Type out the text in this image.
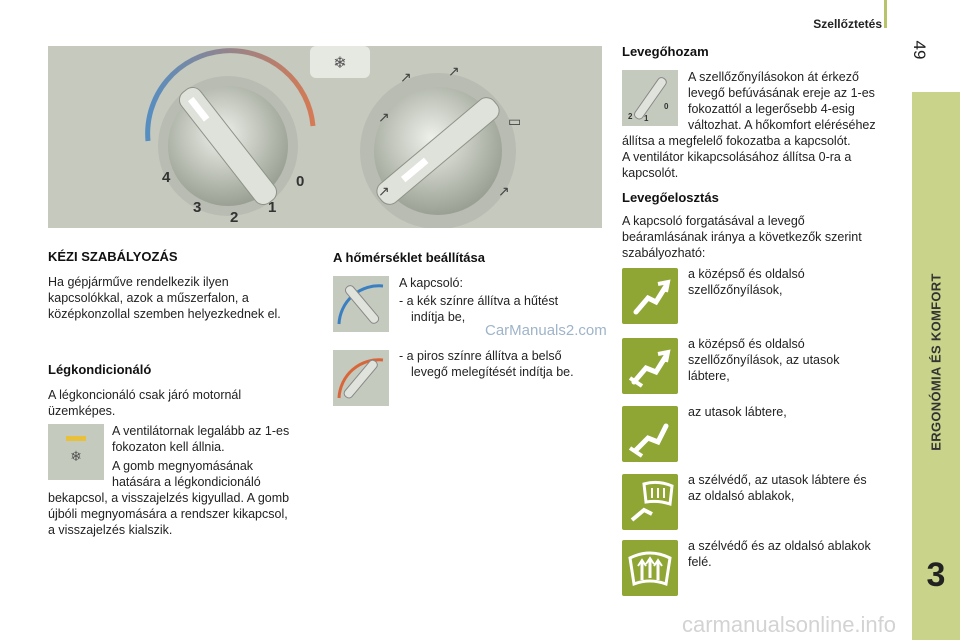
Szellőztetés
49
ERGONÓMIA ÉS KOMFORT
3
❄
4
3
2
1
0
↗
↗	↗
▭
↗	↗
KÉZI SZABÁLYOZÁS
Ha gépjárműve rendelkezik ilyen
kapcsolókkal, azok a műszerfalon, a
középkonzollal szemben helyezkednek el.
Légkondicionáló
A légkoncionáló csak járó motornál
üzemképes.
❄
A ventilátornak legalább az 1-es
fokozaton kell állnia.
A gomb megnyomásának
hatására a légkondicionáló
bekapcsol, a visszajelzés kigyullad. A gomb
újbóli megnyomására a rendszer kikapcsol,
a visszajelzés kialszik.
A hőmérséklet beállítása
A kapcsoló:
- a kék színre állítva a hűtést
indítja be,
CarManuals2.com
- a piros színre állítva a belső
levegő melegítését indítja be.
Levegőhozam
2 1
0
A szellőzőnyílásokon át érkező
levegő befúvásának ereje az 1-es
fokozattól a legerősebb 4-esig
változhat. A hőkomfort eléréséhez
állítsa a megfelelő fokozatba a kapcsolót.
A ventilátor kikapcsolásához állítsa 0-ra a
kapcsolót.
Levegőelosztás
A kapcsoló forgatásával a levegő
beáramlásának iránya a következők szerint
szabályozható:
a középső és oldalsó
szellőzőnyílások,
a középső és oldalsó
szellőzőnyílások, az utasok
lábtere,
az utasok lábtere,
a szélvédő, az utasok lábtere és
az oldalsó ablakok,
a szélvédő és az oldalsó ablakok
felé.
carmanualsonline.info
